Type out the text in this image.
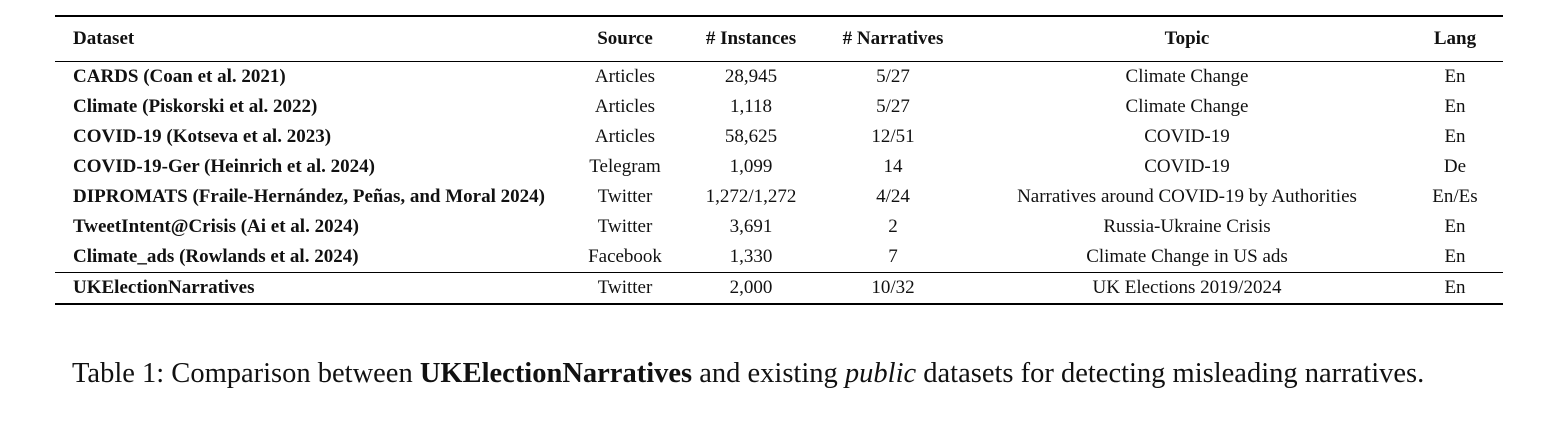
Dataset	Source	# Instances	# Narratives	Topic	Lang
CARDS (Coan et al. 2021)	Articles	28,945	5/27	Climate Change	En
Climate (Piskorski et al. 2022)	Articles	1,118	5/27	Climate Change	En
COVID-19 (Kotseva et al. 2023)	Articles	58,625	12/51	COVID-19	En
COVID-19-Ger (Heinrich et al. 2024)	Telegram	1,099	14	COVID-19	De
DIPROMATS (Fraile-Hernández, Peñas, and Moral 2024)	Twitter	1,272/1,272	4/24	Narratives around COVID-19 by Authorities	En/Es
TweetIntent@Crisis (Ai et al. 2024)	Twitter	3,691	2	Russia-Ukraine Crisis	En
Climate_ads (Rowlands et al. 2024)	Facebook	1,330	7	Climate Change in US ads	En
UKElectionNarratives	Twitter	2,000	10/32	UK Elections 2019/2024	En
Table 1: Comparison between UKElectionNarratives and existing public datasets for detecting misleading narratives.
